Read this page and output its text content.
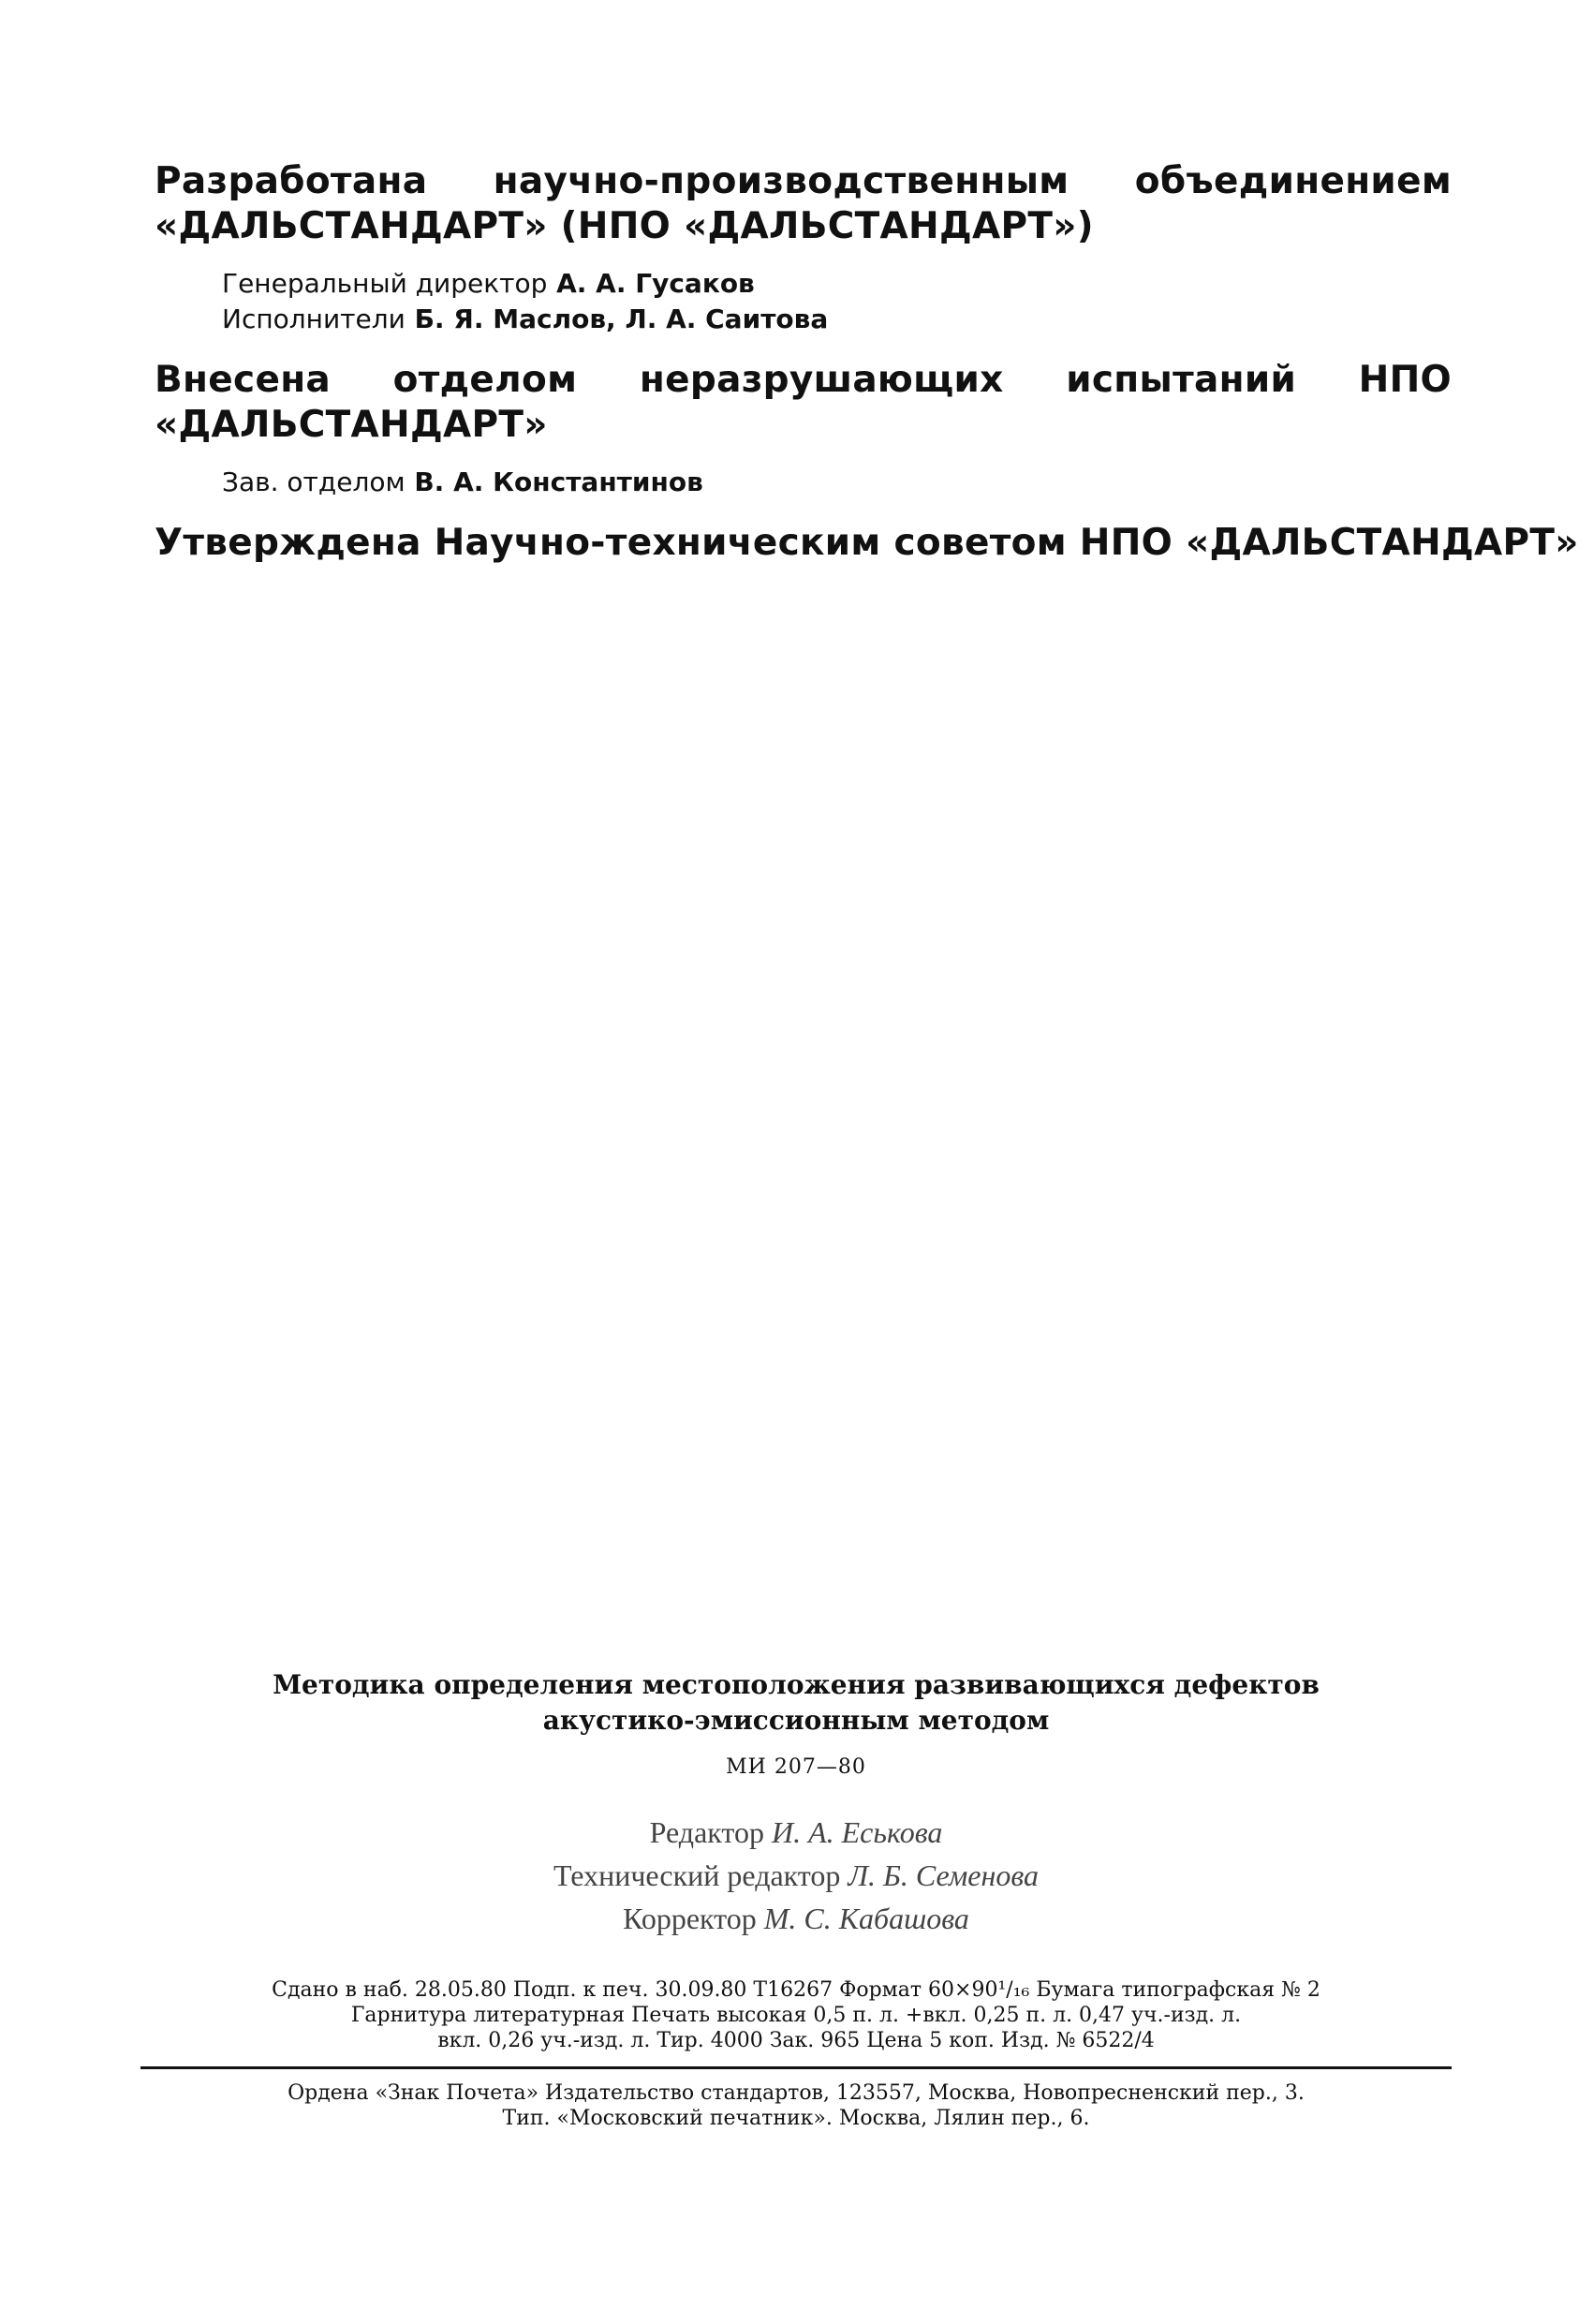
Разработана научно-производственным объединением «ДАЛЬСТАНДАРТ» (НПО «ДАЛЬСТАНДАРТ»)

Генеральный директор А. А. Гусаков
Исполнители Б. Я. Маслов, Л. А. Саитова

Внесена отделом неразрушающих испытаний НПО «ДАЛЬСТАНДАРТ»

Зав. отделом В. А. Константинов

Утверждена Научно-техническим советом НПО «ДАЛЬСТАНДАРТ»

Методика определения местоположения развивающихся дефектов

акустико-эмиссионным методом

МИ 207—80
Редактор И. А. Еськова
Технический редактор Л. Б. Семенова
Корректор М. С. Кабашова
Сдано в наб. 28.05.80 Подп. к печ. 30.09.80 Т16267 Формат 60×90¹/₁₆ Бумага типографская № 2
Гарнитура литературная Печать высокая 0,5 п. л. +вкл. 0,25 п. л. 0,47 уч.-изд. л.
вкл. 0,26 уч.-изд. л. Тир. 4000 Зак. 965 Цена 5 коп. Изд. № 6522/4
Ордена «Знак Почета» Издательство стандартов, 123557, Москва, Новопресненский пер., 3.
Тип. «Московский печатник». Москва, Лялин пер., 6.
